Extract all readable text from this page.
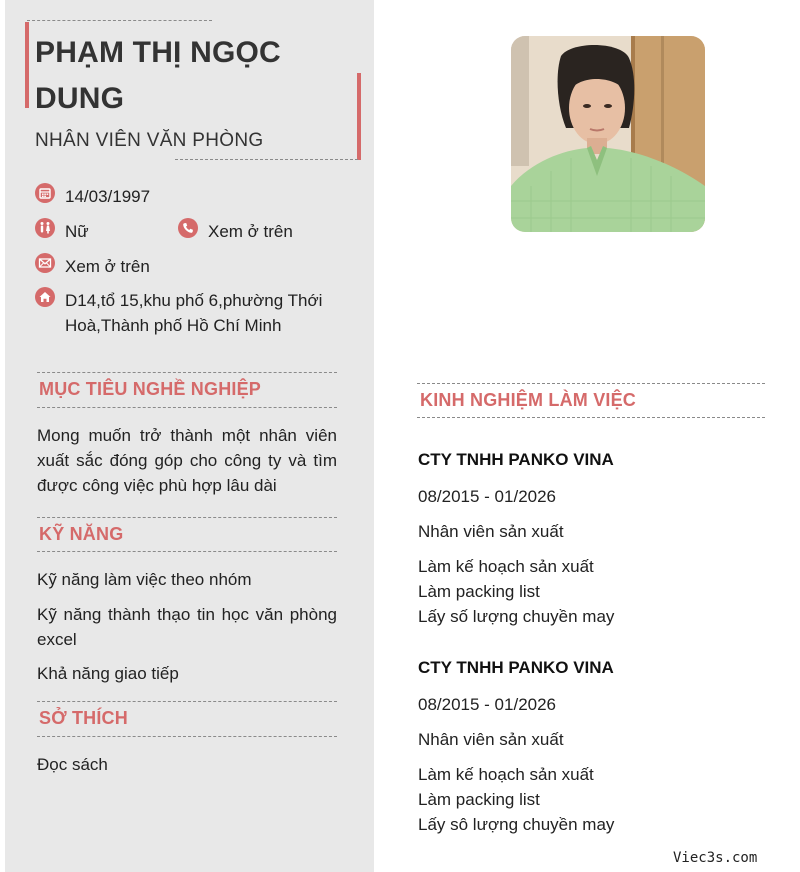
PHẠM THỊ NGỌC DUNG
NHÂN VIÊN VĂN PHÒNG
14/03/1997
Nữ	Xem ở trên
Xem ở trên
D14,tổ 15,khu phố 6,phường Thới Hoà,Thành phố Hồ Chí Minh
MỤC TIÊU NGHỀ NGHIỆP
Mong muốn trở thành một nhân viên xuất sắc đóng góp cho công ty và tìm được công việc phù hợp lâu dài
KỸ NĂNG
Kỹ năng làm việc theo nhóm
Kỹ năng thành thạo tin học văn phòng excel
Khả năng giao tiếp
SỞ THÍCH
Đọc sách
KINH NGHIỆM LÀM VIỆC
CTY TNHH PANKO VINA
08/2015 - 01/2026
Nhân viên sản xuất
Làm kế hoạch sản xuất
Làm packing list
Lấy số lượng chuyền may
CTY TNHH PANKO VINA
08/2015 - 01/2026
Nhân viên sản xuất
Làm kế hoạch sản xuất
Làm packing list
Lấy sô lượng chuyền may
Viec3s.com
